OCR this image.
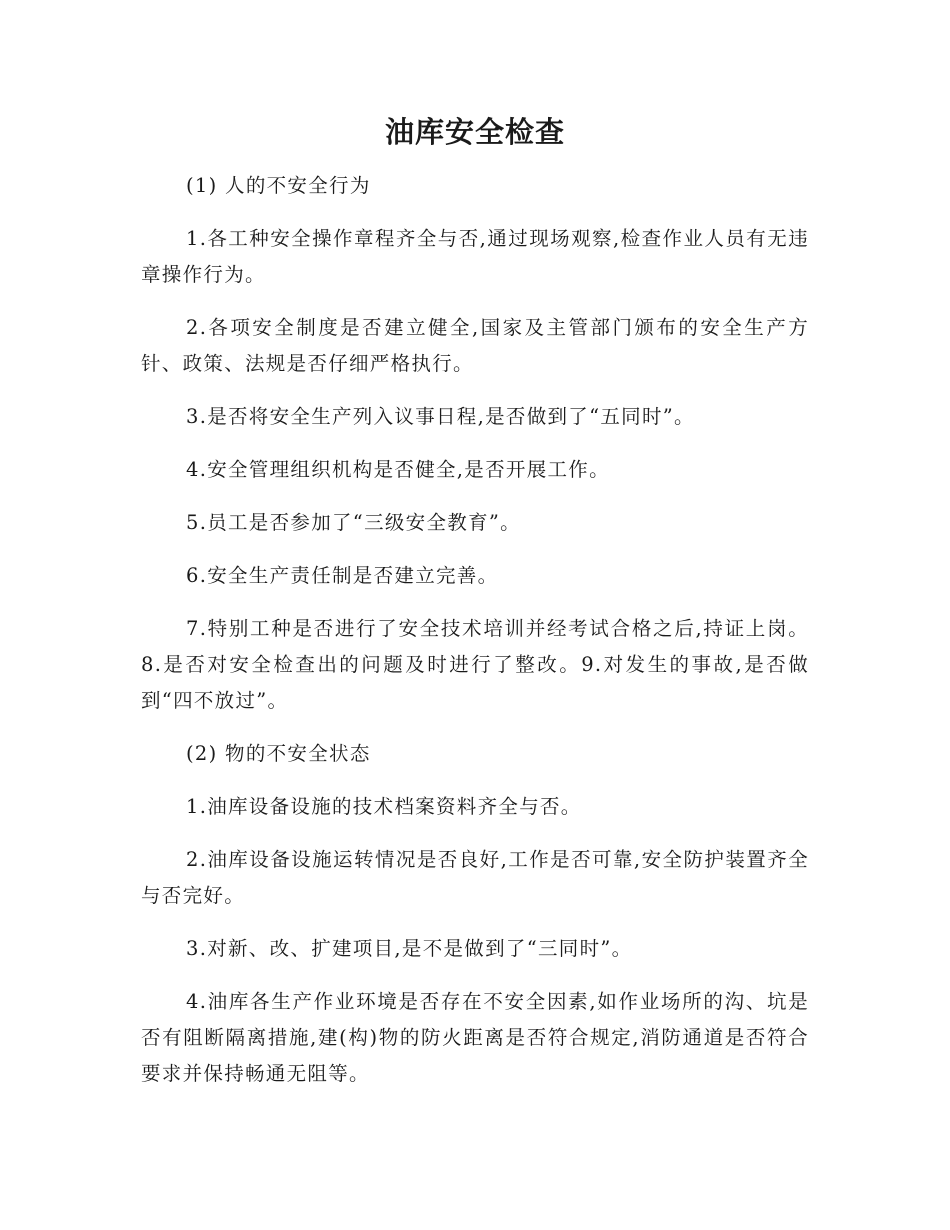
油库安全检查

(1) 人的不安全行为

1.各工种安全操作章程齐全与否,通过现场观察,检查作业人员有无违章操作行为。

2.各项安全制度是否建立健全,国家及主管部门颁布的安全生产方针、政策、法规是否仔细严格执行。

3.是否将安全生产列入议事日程,是否做到了“五同时”。

4.安全管理组织机构是否健全,是否开展工作。

5.员工是否参加了“三级安全教育”。

6.安全生产责任制是否建立完善。

7.特别工种是否进行了安全技术培训并经考试合格之后,持证上岗。8.是否对安全检查出的问题及时进行了整改。9.对发生的事故,是否做到“四不放过”。

(2) 物的不安全状态

1.油库设备设施的技术档案资料齐全与否。

2.油库设备设施运转情况是否良好,工作是否可靠,安全防护装置齐全与否完好。

3.对新、改、扩建项目,是不是做到了“三同时”。

4.油库各生产作业环境是否存在不安全因素,如作业场所的沟、坑是否有阻断隔离措施,建(构)物的防火距离是否符合规定,消防通道是否符合要求并保持畅通无阻等。
